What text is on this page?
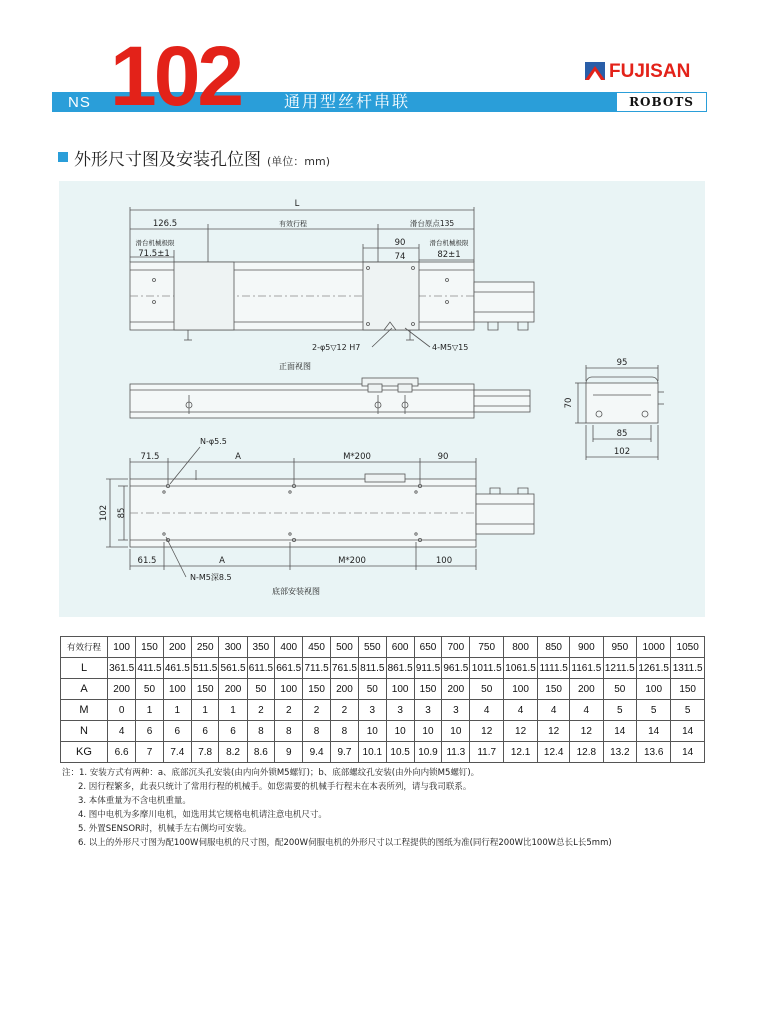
NS 102	通用型丝杆串联
FUJISAN
ROBOTS
外形尺寸图及安装孔位图 (单位：mm)
L
126.5	有效行程	滑台原点135
滑台机械极限
71.5±1
90
74
滑台机械极限
82±1
2-φ5▽12 H7	4-M5▽15
正面视图	95
70
85
102
N-φ5.5
71.5	A	M*200	90
102 85
61.5	A	M*200	100
N-M5深8.5
底部安装视图
有效行程	100	150	200	250	300	350	400	450	500	550	600	650	700	750	800	850	900	950	1000	1050
L	361.5	411.5	461.5	511.5	561.5	611.5	661.5	711.5	761.5	811.5	861.5	911.5	961.5	1011.5	1061.5	1111.5	1161.5	1211.5	1261.5	1311.5
A	200	50	100	150	200	50	100	150	200	50	100	150	200	50	100	150	200	50	100	150
M	0	1	1	1	1	2	2	2	2	3	3	3	3	4	4	4	4	5	5	5
N	4	6	6	6	6	8	8	8	8	10	10	10	10	12	12	12	12	14	14	14
KG	6.6	7	7.4	7.8	8.2	8.6	9	9.4	9.7	10.1	10.5	10.9	11.3	11.7	12.1	12.4	12.8	13.2	13.6	14
注：1. 安装方式有两种：a、底部沉头孔安装(由内向外锁M5螺钉)；b、底部螺纹孔安装(由外向内锁M5螺钉)。
2. 因行程繁多，此表只统计了常用行程的机械手。如您需要的机械手行程未在本表所列，请与我司联系。
3. 本体重量为不含电机重量。
4. 图中电机为多摩川电机，如选用其它规格电机请注意电机尺寸。
5. 外置SENSOR时，机械手左右侧均可安装。
6. 以上的外形尺寸图为配100W伺服电机的尺寸图，配200W伺服电机的外形尺寸以工程提供的图纸为准(同行程200W比100W总长L长5mm)
